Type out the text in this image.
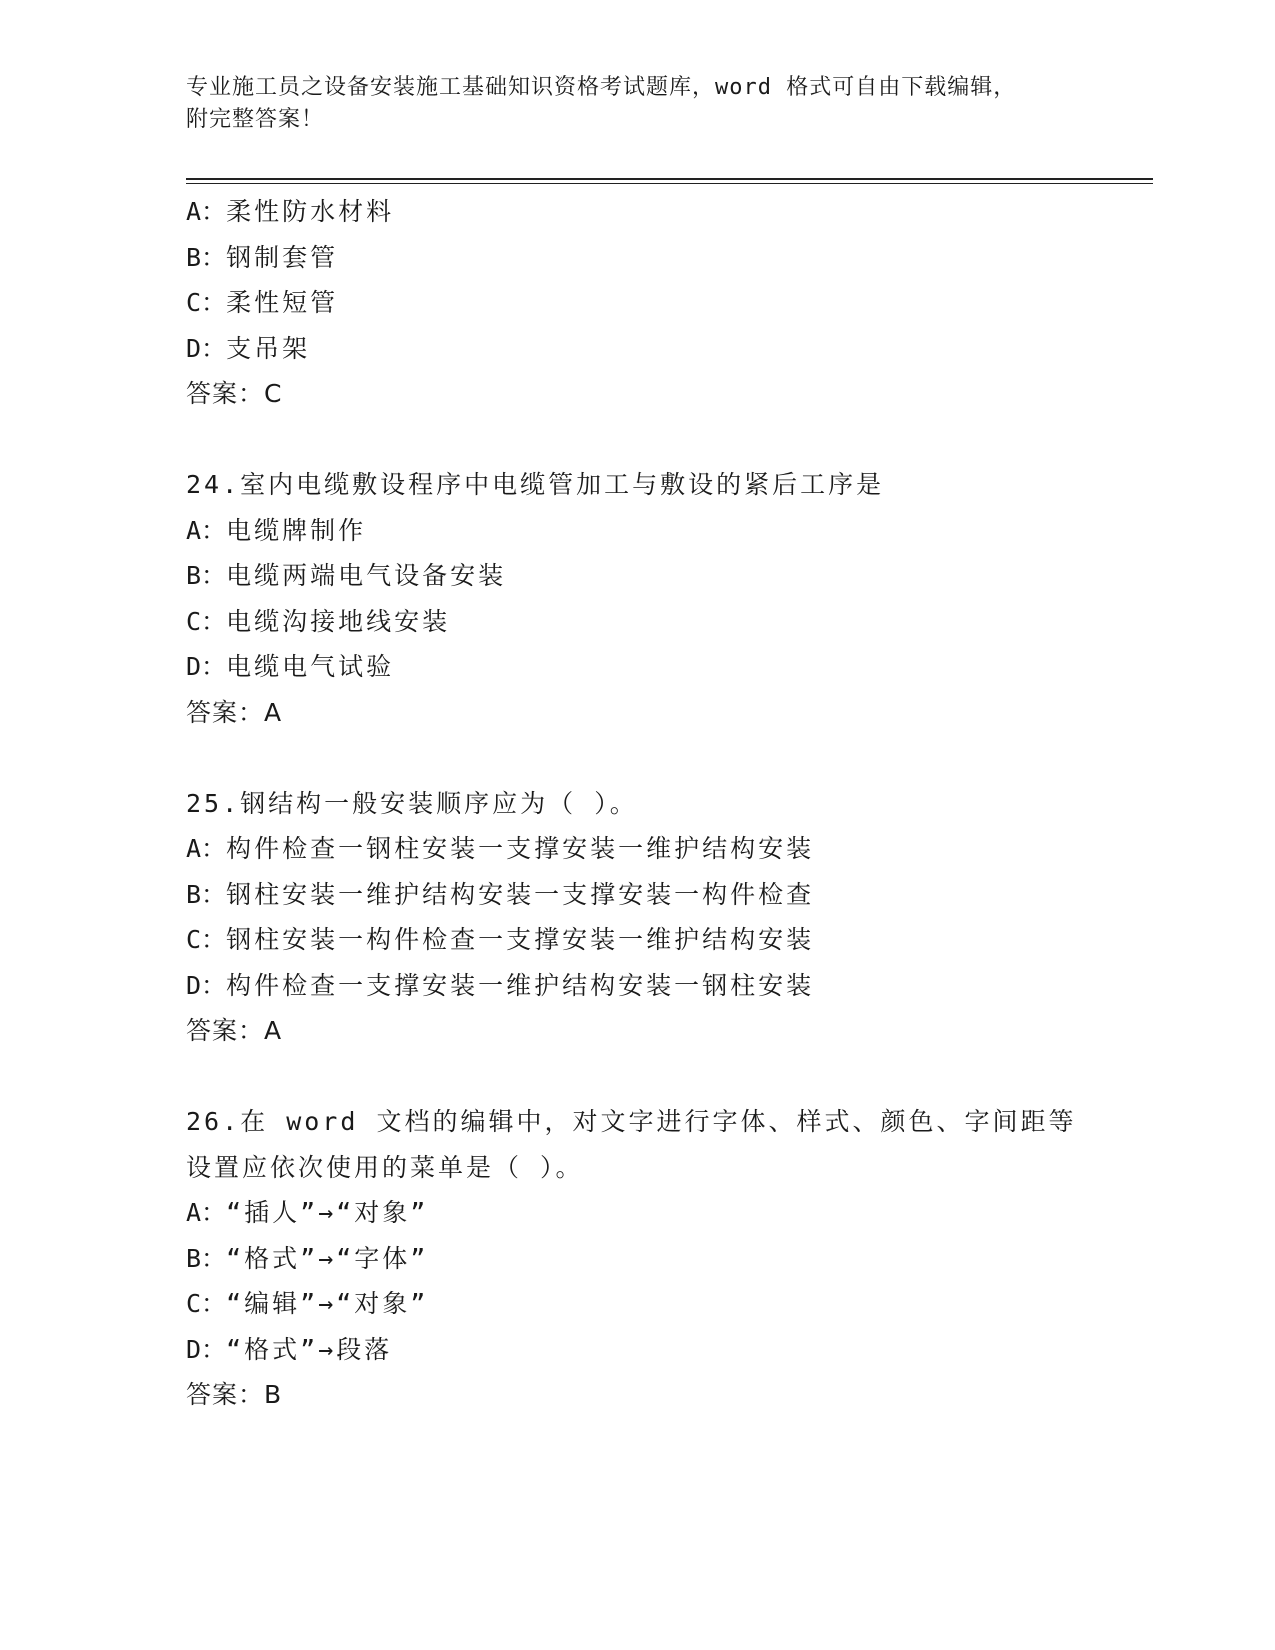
专业施工员之设备安装施工基础知识资格考试题库，word 格式可自由下载编辑，
附完整答案！
A：柔性防水材料
B：钢制套管
C：柔性短管
D：支吊架
答案：C
24.室内电缆敷设程序中电缆管加工与敷设的紧后工序是
A：电缆牌制作
B：电缆两端电气设备安装
C：电缆沟接地线安装
D：电缆电气试验
答案：A
25.钢结构一般安装顺序应为（ ）。
A：构件检查一钢柱安装一支撑安装一维护结构安装
B：钢柱安装一维护结构安装一支撑安装一构件检查
C：钢柱安装一构件检查一支撑安装一维护结构安装
D：构件检查一支撑安装一维护结构安装一钢柱安装
答案：A
26.在 word 文档的编辑中，对文字进行字体、样式、颜色、字间距等
设置应依次使用的菜单是（ ）。
A：“插人”→“对象”
B：“格式”→“字体”
C：“编辑”→“对象”
D：“格式”→段落
答案：B
